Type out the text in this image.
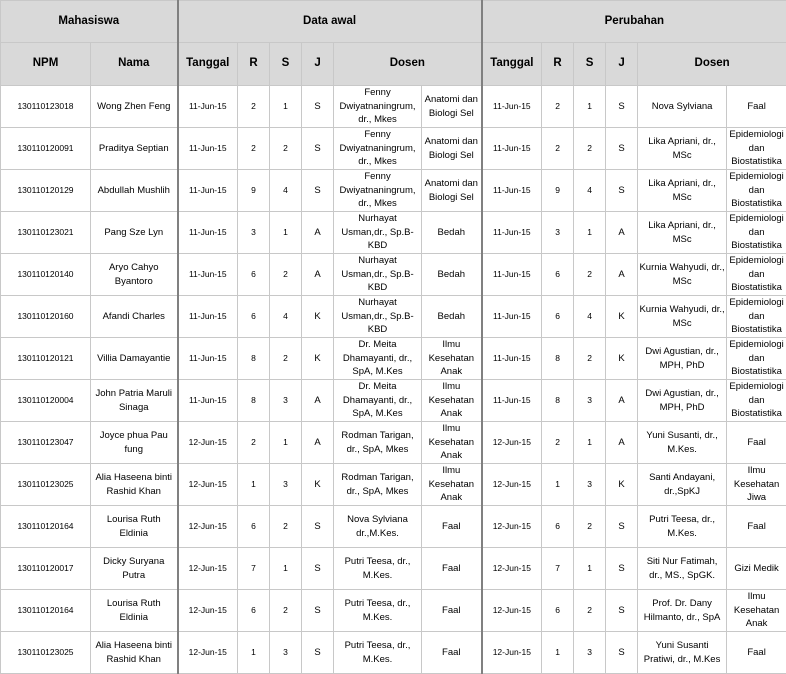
Mahasiswa		Data awal						Perubahan					
NPM	Nama	Tanggal	R	S	J	Dosen		Tanggal	R	S	J	Dosen	
130110123018	Wong Zhen Feng	11-Jun-15	2	1	S	Fenny Dwiyatnaningrum, dr., Mkes	Anatomi dan Biologi Sel	11-Jun-15	2	1	S	Nova Sylviana	Faal
130110120091	Praditya Septian	11-Jun-15	2	2	S	Fenny Dwiyatnaningrum, dr., Mkes	Anatomi dan Biologi Sel	11-Jun-15	2	2	S	Lika Apriani, dr., MSc	Epidemiologi dan Biostatistika
130110120129	Abdullah Mushlih	11-Jun-15	9	4	S	Fenny Dwiyatnaningrum, dr., Mkes	Anatomi dan Biologi Sel	11-Jun-15	9	4	S	Lika Apriani, dr., MSc	Epidemiologi dan Biostatistika
130110123021	Pang Sze Lyn	11-Jun-15	3	1	A	Nurhayat Usman,dr., Sp.B-KBD	Bedah	11-Jun-15	3	1	A	Lika Apriani, dr., MSc	Epidemiologi dan Biostatistika
130110120140	Aryo Cahyo Byantoro	11-Jun-15	6	2	A	Nurhayat Usman,dr., Sp.B-KBD	Bedah	11-Jun-15	6	2	A	Kurnia Wahyudi, dr., MSc	Epidemiologi dan Biostatistika
130110120160	Afandi Charles	11-Jun-15	6	4	K	Nurhayat Usman,dr., Sp.B-KBD	Bedah	11-Jun-15	6	4	K	Kurnia Wahyudi, dr., MSc	Epidemiologi dan Biostatistika
130110120121	Villia Damayantie	11-Jun-15	8	2	K	Dr. Meita Dhamayanti, dr., SpA, M.Kes	Ilmu Kesehatan Anak	11-Jun-15	8	2	K	Dwi Agustian, dr., MPH, PhD	Epidemiologi dan Biostatistika
130110120004	John Patria Maruli Sinaga	11-Jun-15	8	3	A	Dr. Meita Dhamayanti, dr., SpA, M.Kes	Ilmu Kesehatan Anak	11-Jun-15	8	3	A	Dwi Agustian, dr., MPH, PhD	Epidemiologi dan Biostatistika
130110123047	Joyce phua Pau fung	12-Jun-15	2	1	A	Rodman Tarigan, dr., SpA, Mkes	Ilmu Kesehatan Anak	12-Jun-15	2	1	A	Yuni Susanti, dr., M.Kes.	Faal
130110123025	Alia Haseena binti Rashid Khan	12-Jun-15	1	3	K	Rodman Tarigan, dr., SpA, Mkes	Ilmu Kesehatan Anak	12-Jun-15	1	3	K	Santi Andayani, dr.,SpKJ	Ilmu Kesehatan Jiwa
130110120164	Lourisa Ruth Eldinia	12-Jun-15	6	2	S	Nova Sylviana dr.,M.Kes.	Faal	12-Jun-15	6	2	S	Putri Teesa, dr., M.Kes.	Faal
130110120017	Dicky Suryana Putra	12-Jun-15	7	1	S	Putri Teesa, dr., M.Kes.	Faal	12-Jun-15	7	1	S	Siti Nur Fatimah, dr., MS., SpGK.	Gizi Medik
130110120164	Lourisa Ruth Eldinia	12-Jun-15	6	2	S	Putri Teesa, dr., M.Kes.	Faal	12-Jun-15	6	2	S	Prof. Dr. Dany Hilmanto, dr., SpA	Ilmu Kesehatan Anak
130110123025	Alia Haseena binti Rashid Khan	12-Jun-15	1	3	S	Putri Teesa, dr., M.Kes.	Faal	12-Jun-15	1	3	S	Yuni Susanti Pratiwi, dr., M.Kes	Faal
